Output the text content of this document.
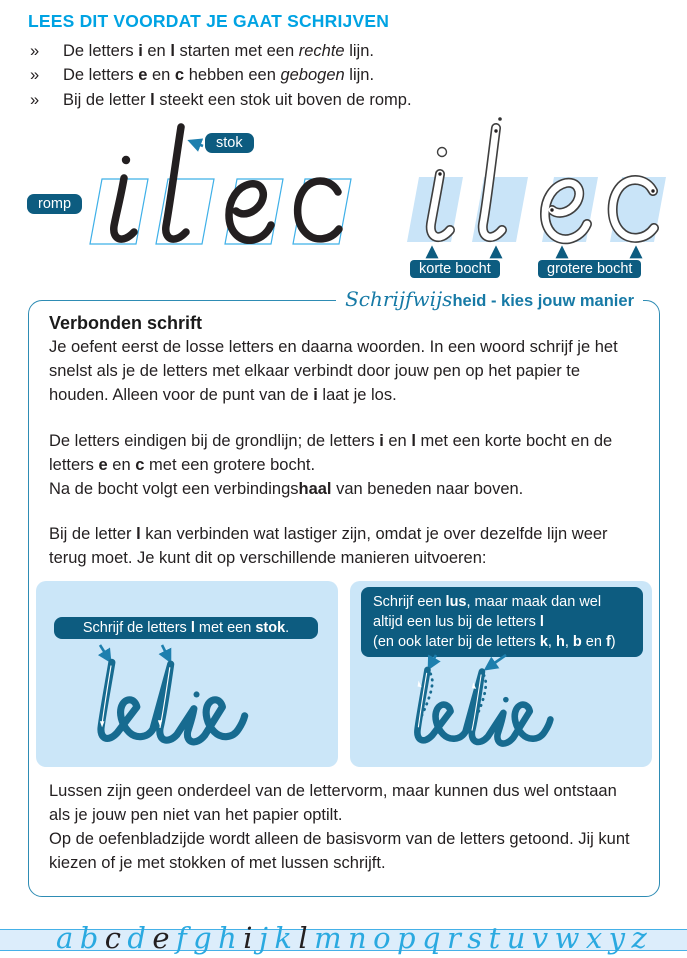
LEES DIT VOORDAT JE GAAT SCHRIJVEN
»	De letters i en l starten met een rechte lijn.
»	De letters e en c hebben een gebogen lijn.
»	Bij de letter l steekt een stok uit boven de romp.
stok
romp
korte bocht	grotere bocht
Schrijfwijsheid - kies jouw manier
Verbonden schrift

Je oefent eerst de losse letters en daarna woorden. In een woord schrijf je het snelst als je de letters met elkaar verbindt door jouw pen op het papier te houden. Alleen voor de punt van de i laat je los.

De letters eindigen bij de grondlijn; de letters i en l met een korte bocht en de letters e en c met een grotere bocht.
Na de bocht volgt een verbindingshaal van beneden naar boven.

Bij de letter l kan verbinden wat lastiger zijn, omdat je over dezelfde lijn weer terug moet. Je kunt dit op verschillende manieren uitvoeren:

Schrijf de letters l met een stok.
Schrijf een lus, maar maak dan wel
altijd een lus bij de letters l
(en ook later bij de letters k, h, b en f)

Lussen zijn geen onderdeel van de lettervorm, maar kunnen dus wel ontstaan als je jouw pen niet van het papier optilt.
Op de oefenbladzijde wordt alleen de basisvorm van de letters getoond. Jij kunt kiezen of je met stokken of met lussen schrijft.

a b c d e f g h i j k l m n o p q r s t u v w x y z
